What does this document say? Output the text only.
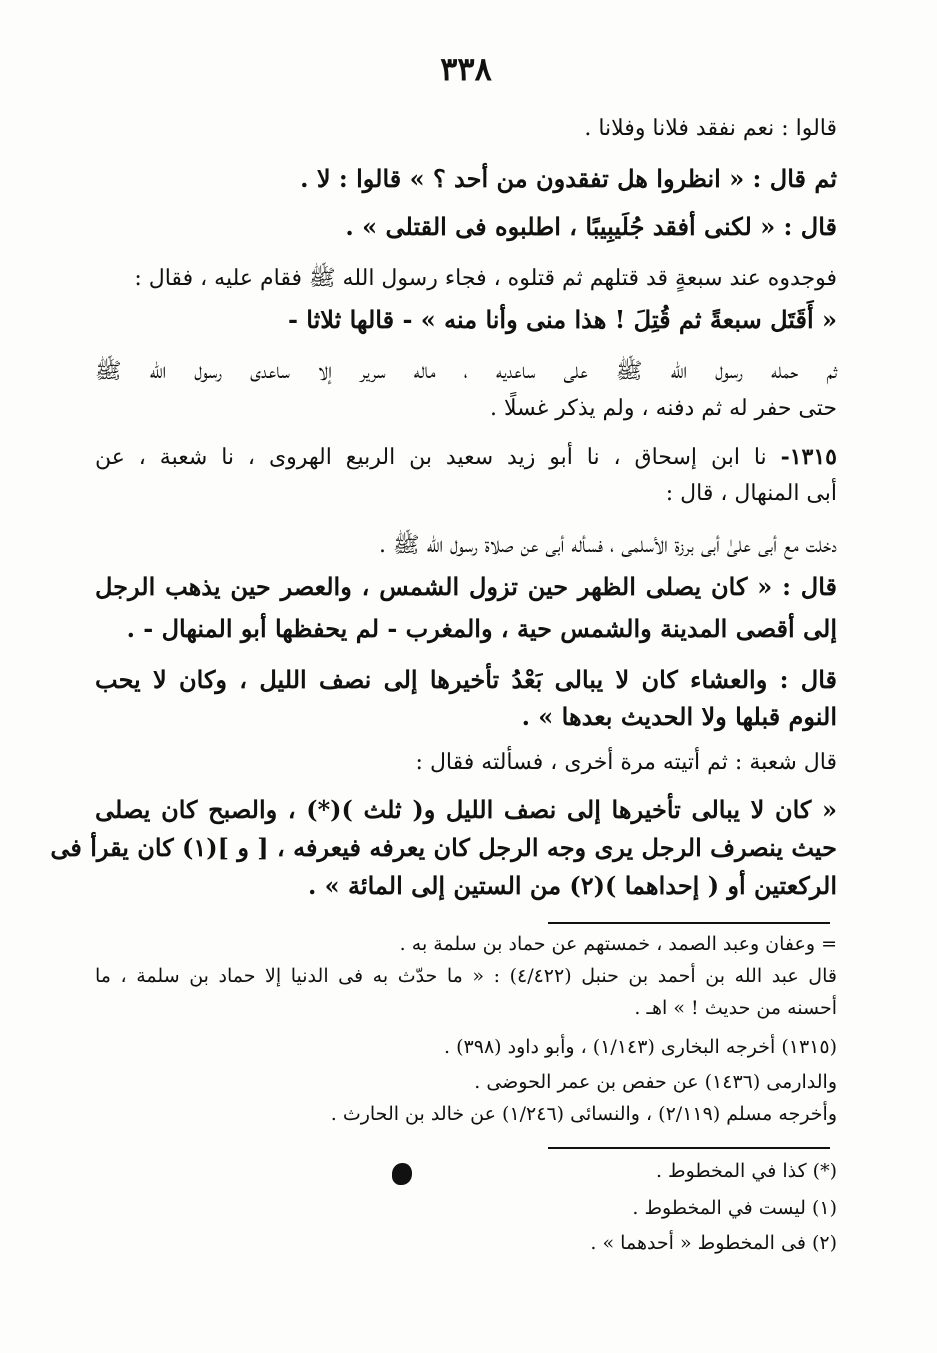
٣٣٨
قالوا : نعم نفقد فلانا وفلانا .
ثم قال : « انظروا هل تفقدون من أحد ؟ » قالوا : لا .
قال : « لكنى أفقد جُلَيبِيبًا ، اطلبوه فى القتلى » .
فوجدوه عند سبعةٍ قد قتلهم ثم قتلوه ، فجاء رسول الله ﷺ فقام عليه ، فقال :
« أَقَتَل سبعةً ثم قُتِلَ ! هذا منى وأنا منه » - قالها ثلاثا -
ثم حمله رسول الله ﷺ على ساعديه ، ماله سرير إلا ساعدى رسول الله ﷺ
حتى حفر له ثم دفنه ، ولم يذكر غسلًا .
١٣١٥- نا ابن إسحاق ، نا أبو زيد سعيد بن الربيع الهروى ، نا شعبة ، عن
أبى المنهال ، قال :
دخلت مع أبى علىٰ أبى برزة الأسلمى ، فسأله أبى عن صلاة رسول الله ﷺ .
قال : « كان يصلى الظهر حين تزول الشمس ، والعصر حين يذهب الرجل
إلى أقصى المدينة والشمس حية ، والمغرب - لم يحفظها أبو المنهال - .
قال : والعشاء كان لا يبالى بَعْدُ تأخيرها إلى نصف الليل ، وكان لا يحب
النوم قبلها ولا الحديث بعدها » .
قال شعبة : ثم أتيته مرة أخرى ، فسألته فقال :
« كان لا يبالى تأخيرها إلى نصف الليل و( ثلث )(*) ، والصبح كان يصلى
حيث ينصرف الرجل يرى وجه الرجل كان يعرفه فيعرفه ، [ و ](١) كان يقرأ فى
الركعتين أو ( إحداهما )(٢) من الستين إلى المائة » .
= وعفان وعبد الصمد ، خمستهم عن حماد بن سلمة به .
قال عبد الله بن أحمد بن حنبل (٤/٤٢٢) : « ما حدّث به فى الدنيا إلا حماد بن سلمة ، ما
أحسنه من حديث ! » اهـ .
(١٣١٥) أخرجه البخارى (١/١٤٣) ، وأبو داود (٣٩٨) .
والدارمى (١٤٣٦) عن حفص بن عمر الحوضى .
وأخرجه مسلم (٢/١١٩) ، والنسائى (١/٢٤٦) عن خالد بن الحارث .
(*) كذا في المخطوط .
(١) ليست في المخطوط .
(٢) فى المخطوط « أحدهما » .
